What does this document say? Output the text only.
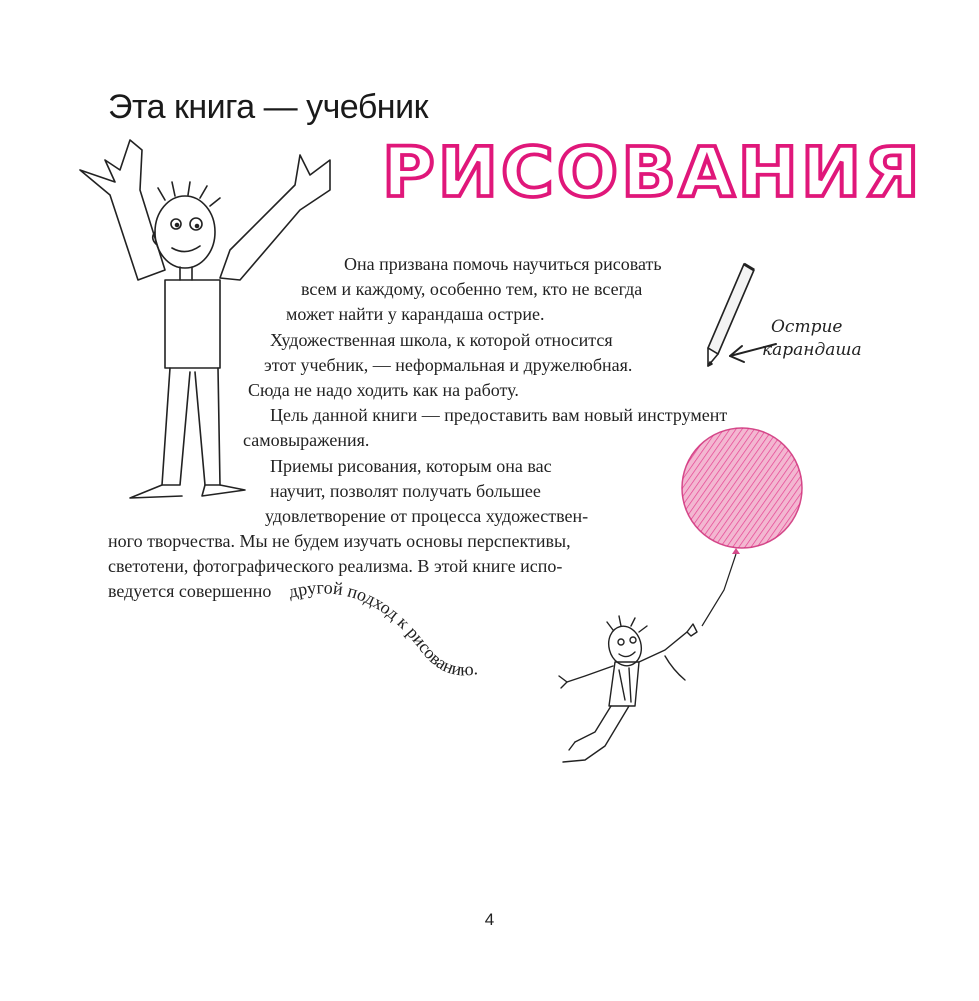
Эта книга — учебник
РИСОВАНИЯ
Она призвана помочь научиться рисовать
всем и каждому, особенно тем, кто не всегда
может найти у карандаша острие.
Художественная школа, к которой относится
этот учебник, — неформальная и дружелюбная.
Сюда не надо ходить как на работу.
Цель данной книги — предоставить вам новый инструмент
самовыражения.
Приемы рисования, которым она вас
научит, позволят получать большее
удовлетворение от процесса художествен-
ного творчества. Мы не будем изучать основы перспективы,
светотени, фотографического реализма. В этой книге испо-
ведуется совершенно другой подход к рисованию.
Острие
карандаша
4
